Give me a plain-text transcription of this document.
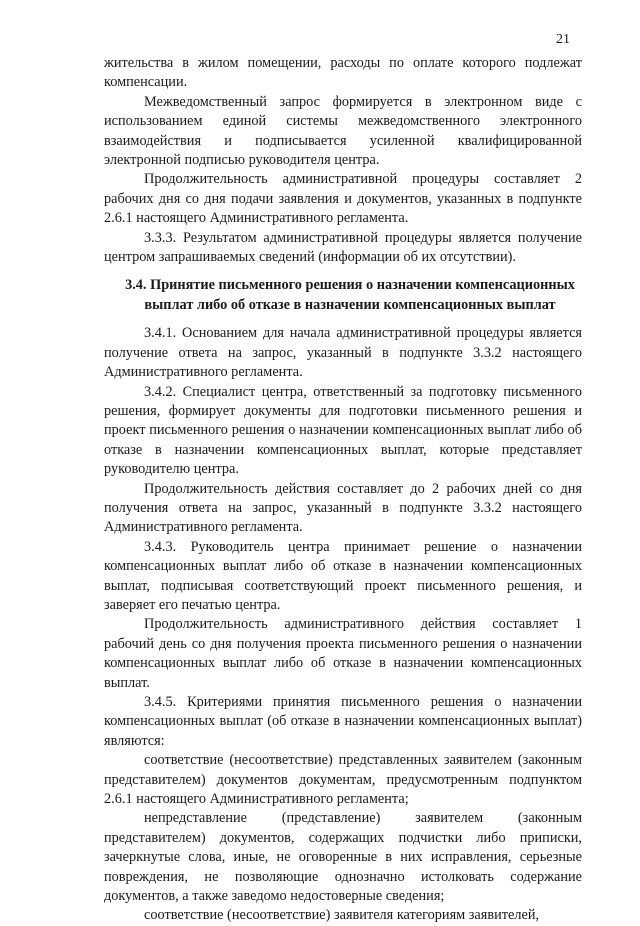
21

жительства в жилом помещении, расходы по оплате которого подлежат компенсации.

Межведомственный запрос формируется в электронном виде с использованием единой системы межведомственного электронного взаимодействия и подписывается усиленной квалифицированной электронной подписью руководителя центра.

Продолжительность административной процедуры составляет 2 рабочих дня со дня подачи заявления и документов, указанных в подпункте 2.6.1 настоящего Административного регламента.

3.3.3. Результатом административной процедуры является получение центром запрашиваемых сведений (информации об их отсутствии).

3.4. Принятие письменного решения о назначении компенсационных выплат либо об отказе в назначении компенсационных выплат

3.4.1. Основанием для начала административной процедуры является получение ответа на запрос, указанный в подпункте 3.3.2 настоящего Административного регламента.

3.4.2. Специалист центра, ответственный за подготовку письменного решения, формирует документы для подготовки письменного решения и проект письменного решения о назначении компенсационных выплат либо об отказе в назначении компенсационных выплат, которые представляет руководителю центра.

Продолжительность действия составляет до 2 рабочих дней со дня получения ответа на запрос, указанный в подпункте 3.3.2 настоящего Административного регламента.

3.4.3. Руководитель центра принимает решение о назначении компенсационных выплат либо об отказе в назначении компенсационных выплат, подписывая соответствующий проект письменного решения, и заверяет его печатью центра.

Продолжительность административного действия составляет 1 рабочий день со дня получения проекта письменного решения о назначении компенсационных выплат либо об отказе в назначении компенсационных выплат.

3.4.5. Критериями принятия письменного решения о назначении компенсационных выплат (об отказе в назначении компенсационных выплат) являются:

соответствие (несоответствие) представленных заявителем (законным представителем) документов документам, предусмотренным подпунктом 2.6.1 настоящего Административного регламента;

непредставление (представление) заявителем (законным представителем) документов, содержащих подчистки либо приписки, зачеркнутые слова, иные, не оговоренные в них исправления, серьезные повреждения, не позволяющие однозначно истолковать содержание документов, а также заведомо недостоверные сведения;

соответствие (несоответствие) заявителя категориям заявителей,
